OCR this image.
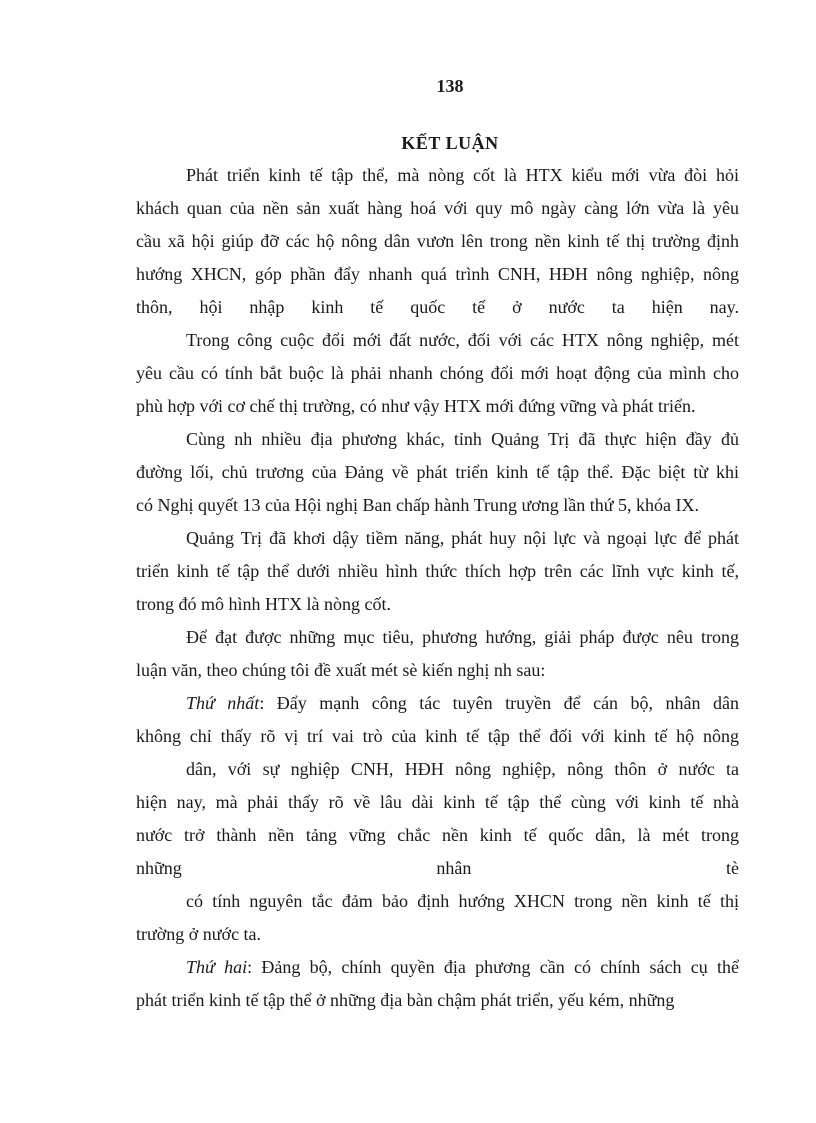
138
KẾT LUẬN
Phát triển kinh tế tập thể, mà nòng cốt là HTX kiểu mới vừa đòi hỏi
khách quan của nền sản xuất hàng hoá với quy mô ngày càng lớn vừa là yêu
cầu xã hội giúp đỡ các hộ nông dân vươn lên trong nền kinh tế thị trường định
hướng XHCN, góp phần đẩy nhanh quá trình CNH, HĐH nông nghiệp, nông
thôn, hội nhập kinh tế quốc tế ở nước ta hiện nay.
Trong công cuộc đổi mới đất nước, đối với các HTX nông nghiệp, mét
yêu cầu có tính bắt buộc là phải nhanh chóng đổi mới hoạt động của mình cho
phù hợp với cơ chế thị trường, có như vậy HTX mới đứng vững và phát triển.
Cùng nh nhiều địa phương khác, tỉnh Quảng Trị đã thực hiện đầy đủ
đường lối, chủ trương của Đảng về phát triển kinh tế tập thể. Đặc biệt từ khi
có Nghị quyết 13 của Hội nghị Ban chấp hành Trung ương lần thứ 5, khóa IX.
Quảng Trị đã khơi dậy tiềm năng, phát huy nội lực và ngoại lực để phát
triển kinh tế tập thể dưới nhiều hình thức thích hợp trên các lĩnh vực kinh tế,
trong đó mô hình HTX là nòng cốt.
Để đạt được những mục tiêu, phương hướng, giải pháp được nêu trong
luận văn, theo chúng tôi đề xuất mét sè kiến nghị nh sau:
Thứ nhất: Đẩy mạnh công tác tuyên truyền để cán bộ, nhân dân
không chỉ thấy rõ vị trí vai trò của kinh tế tập thể đối với kinh tế hộ nông
dân, với sự nghiệp CNH, HĐH nông nghiệp, nông thôn ở nước ta
hiện nay, mà phải thấy rõ về lâu dài kinh tế tập thể cùng với kinh tế nhà
nước trở thành nền tảng vững chắc nền kinh tế quốc dân, là mét trong
những	nhân	tè
có tính nguyên tắc đảm bảo định hướng XHCN trong nền kinh tế thị
trường ở nước ta.
Thứ hai: Đảng bộ, chính quyền địa phương cần có chính sách cụ thể
phát triển kinh tế tập thể ở những địa bàn chậm phát triển, yếu kém, những
